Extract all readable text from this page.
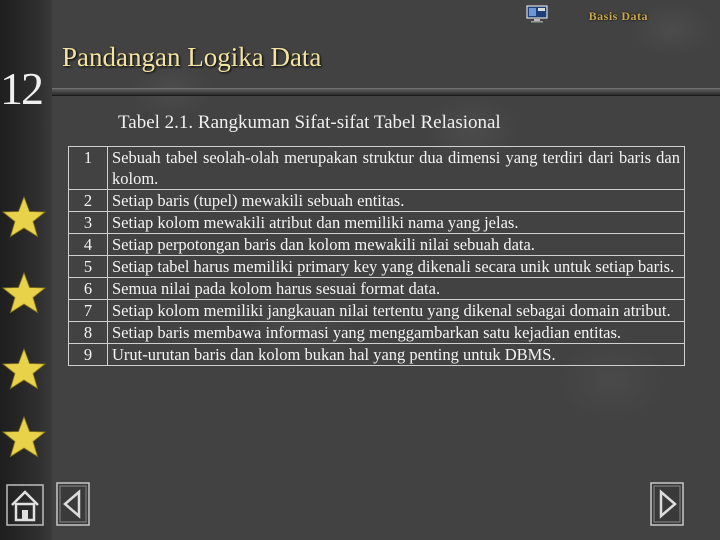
12
Basis Data
Pandangan Logika Data
Tabel 2.1. Rangkuman Sifat-sifat Tabel Relasional
1	Sebuah tabel seolah-olah merupakan struktur dua dimensi yang terdiri dari baris dan kolom.
2	Setiap baris (tupel) mewakili sebuah entitas.
3	Setiap kolom mewakili atribut dan memiliki nama yang jelas.
4	Setiap perpotongan baris dan kolom mewakili nilai sebuah data.
5	Setiap tabel harus memiliki primary key yang dikenali secara unik untuk setiap baris.
6	Semua nilai pada kolom harus sesuai format data.
7	Setiap kolom memiliki jangkauan nilai tertentu yang dikenal sebagai domain atribut.
8	Setiap baris membawa informasi yang menggambarkan satu kejadian entitas.
9	Urut-urutan baris dan kolom bukan hal yang penting untuk DBMS.
